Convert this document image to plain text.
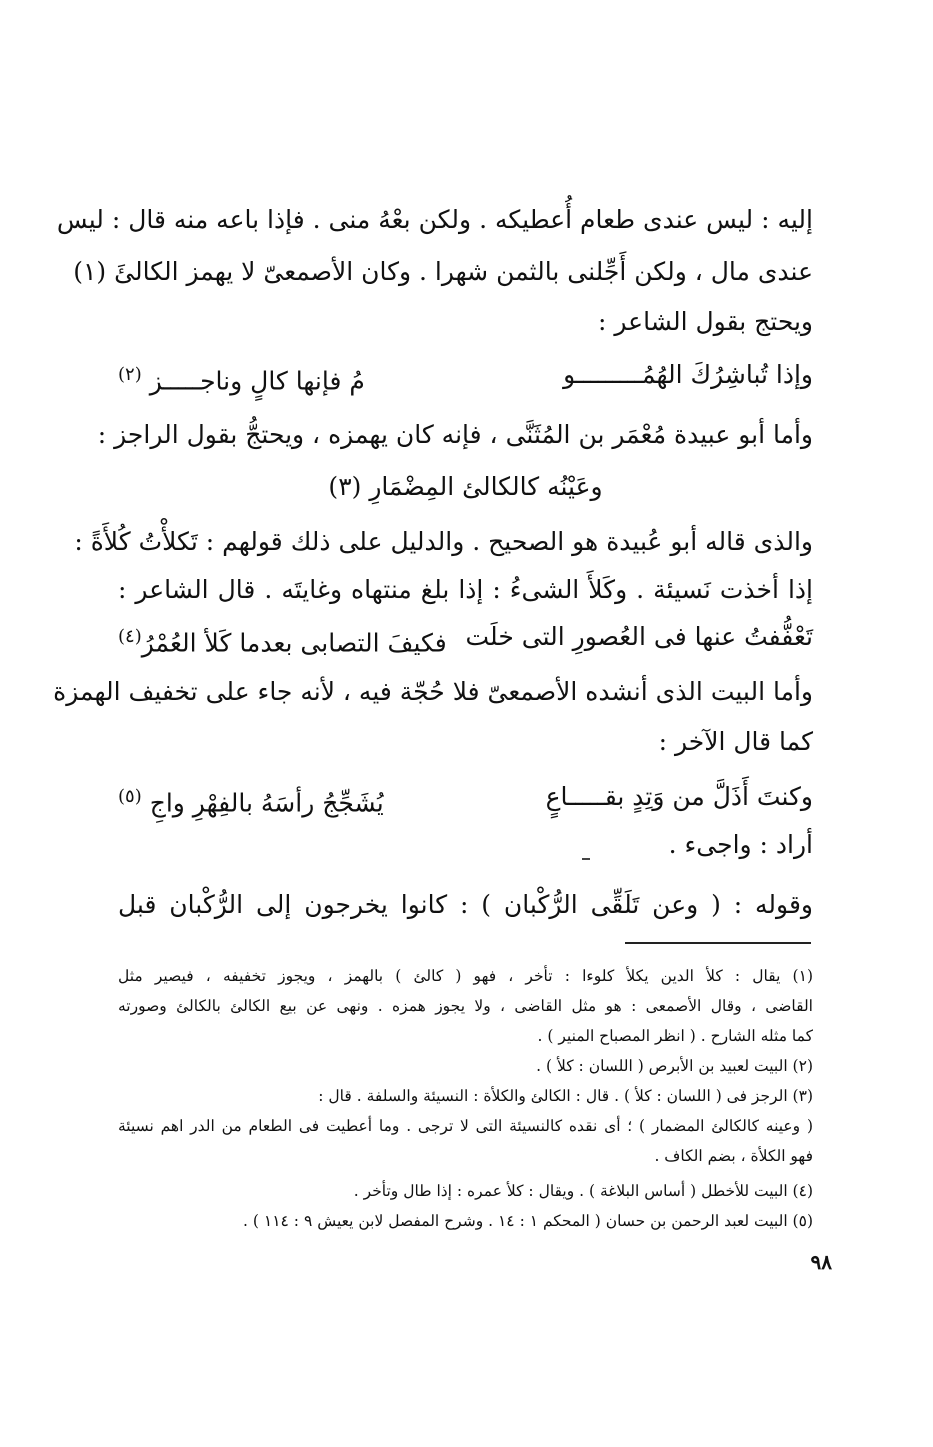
إليه : ليس عندى طعام أُعطيكه . ولكن بعْهُ منى . فإذا باعه منه قال : ليس
عندى مال ، ولكن أَجِّلنى بالثمن شهرا . وكان الأصمعىّ لا يهمز الكالئَ (١)
ويحتج بقول الشاعر :
وإذا تُباشِرُكَ الهُمُـــــــــو
مُ فإنها كالٍ وناجـــــز $^{(٢)}$
وأما أبو عبيدة مُعْمَر بن المُثَنَّى ، فإنه كان يهمزه ، ويحتجُّ بقول الراجز :
وعَيْنُه كالكالئ المِضْمَارِ (٣)
والذى قاله أبو عُبيدة هو الصحيح . والدليل على ذلك قولهم : تَكلأْتُ كُلأَةً :
إذا أخذت نَسيئة . وكَلأَ الشىءُ : إذا بلغ منتهاه وغايتَه . قال الشاعر :
تَعْفُّفتُ عنها فى العُصورِ التى خلَت
فكيفَ التصابى بعدما كَلأ العُمْرُ$^{(٤)}$
وأما البيت الذى أنشده الأصمعىّ فلا حُجّة فيه ، لأنه جاء على تخفيف الهمزة
كما قال الآخر :
وكنتَ أَذَلَّ من وَتِدٍ بقـــــاعٍ
يُشَجِّجُ رأسَهُ بالفِهْرِ واجِ $^{(٥)}$
أراد : واجىء .
وقوله : ( وعن تَلَقِّى الرُّكْبان ) : كانوا يخرجون إلى الرُّكْبان قبل
(١) يقال : كلأ الدين يكلأ كلوءا : تأخر ، فهو ( كالئ ) بالهمز ، ويجوز تخفيفه ، فيصير مثل
القاضى ، وقال الأصمعى : هو مثل القاضى ، ولا يجوز همزه . ونهى عن بيع الكالئ بالكالئ وصورته
كما مثله الشارح . ( انظر المصباح المنير ) .
(٢) البيت لعبيد بن الأبرص ( اللسان : كلأ ) .
(٣) الرجز فى ( اللسان : كلأ ) . قال : الكالئ والكلأة : النسيئة والسلفة . قال :
( وعينه كالكالئ المضمار ) ؛ أى نقده كالنسيئة التى لا ترجى . وما أعطيت فى الطعام من الدر اهم نسيئة
فهو الكلأة ، بضم الكاف .
(٤) البيت للأخطل ( أساس البلاغة ) . ويقال : كلأ عمره : إذا طال وتأخر .
(٥) البيت لعبد الرحمن بن حسان ( المحكم ١ : ١٤ . وشرح المفصل لابن يعيش ٩ : ١١٤ ) .
٩٨
